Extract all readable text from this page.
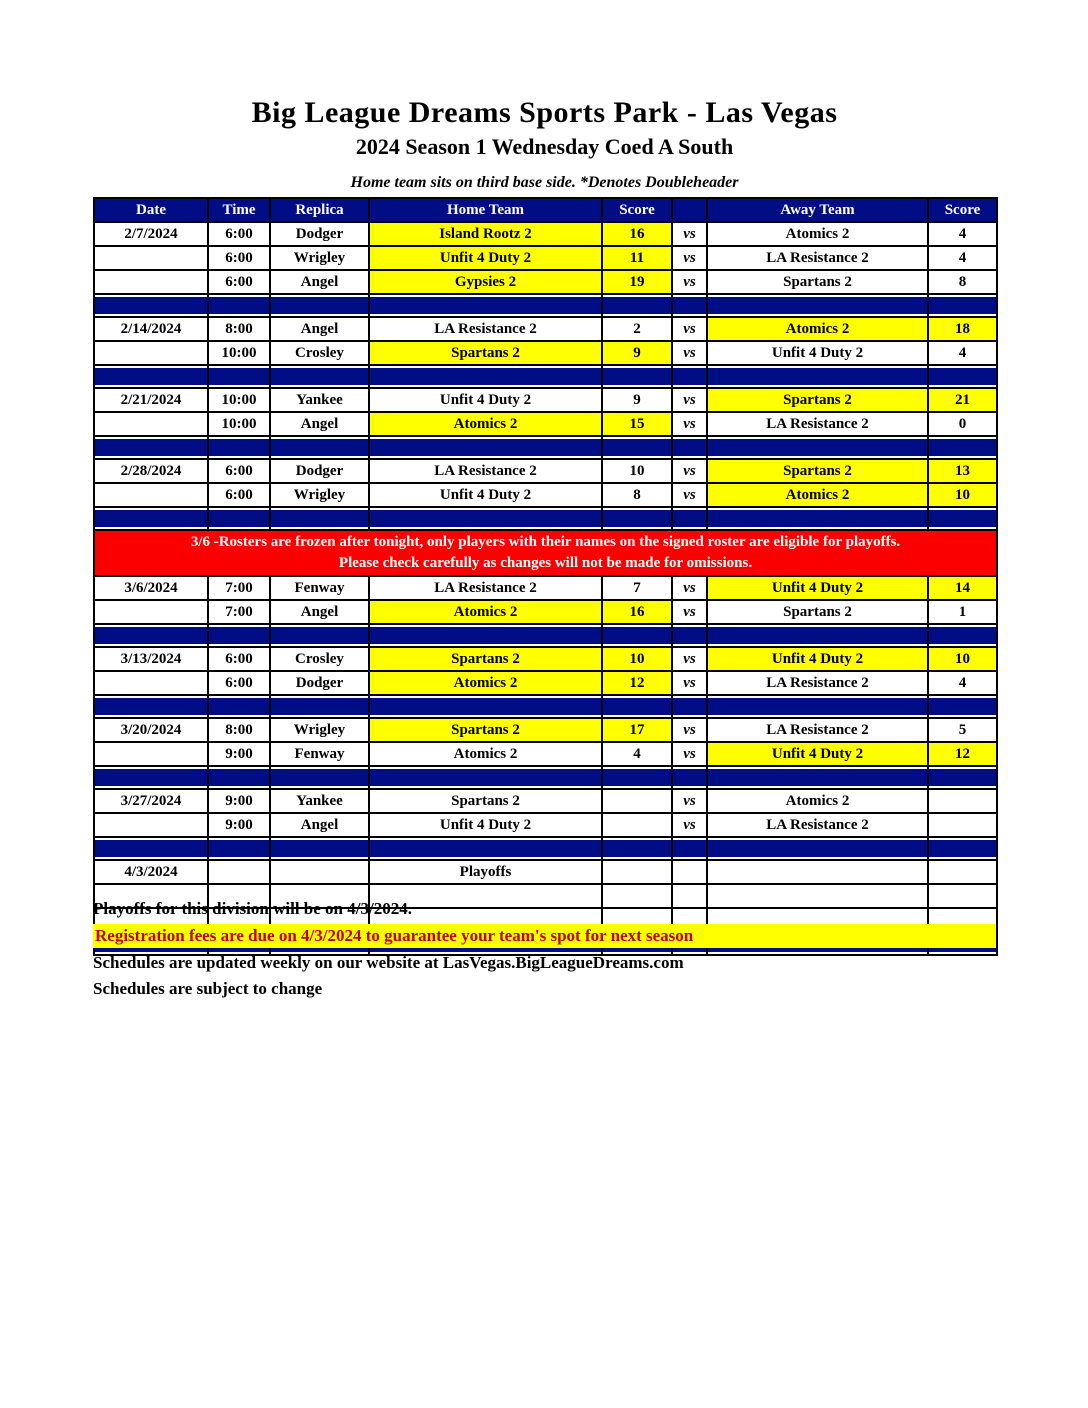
Big League Dreams Sports Park - Las Vegas
2024 Season 1 Wednesday Coed A South
Home team sits on third base side. *Denotes Doubleheader
Date	Time	Replica	Home Team	Score		Away Team	Score
2/7/2024	6:00	Dodger	Island Rootz 2	16	vs	Atomics 2	4
	6:00	Wrigley	Unfit 4 Duty 2	11	vs	LA Resistance 2	4
	6:00	Angel	Gypsies 2	19	vs	Spartans 2	8

2/14/2024	8:00	Angel	LA Resistance 2	2	vs	Atomics 2	18
	10:00	Crosley	Spartans 2	9	vs	Unfit 4 Duty 2	4

2/21/2024	10:00	Yankee	Unfit 4 Duty 2	9	vs	Spartans 2	21
	10:00	Angel	Atomics 2	15	vs	LA Resistance 2	0

2/28/2024	6:00	Dodger	LA Resistance 2	10	vs	Spartans 2	13
	6:00	Wrigley	Unfit 4 Duty 2	8	vs	Atomics 2	10

3/6 -Rosters are frozen after tonight, only players with their names on the signed roster are eligible for playoffs.
Please check carefully as changes will not be made for omissions.							

3/6/2024	7:00	Fenway	LA Resistance 2	7	vs	Unfit 4 Duty 2	14
	7:00	Angel	Atomics 2	16	vs	Spartans 2	1

3/13/2024	6:00	Crosley	Spartans 2	10	vs	Unfit 4 Duty 2	10
	6:00	Dodger	Atomics 2	12	vs	LA Resistance 2	4

3/20/2024	8:00	Wrigley	Spartans 2	17	vs	LA Resistance 2	5
	9:00	Fenway	Atomics 2	4	vs	Unfit 4 Duty 2	12

3/27/2024	9:00	Yankee	Spartans 2		vs	Atomics 2	
	9:00	Angel	Unfit 4 Duty 2		vs	LA Resistance 2	

4/3/2024			Playoffs				

Playoffs for this division will be on 4/3/2024.
Registration fees are due on 4/3/2024 to guarantee your team's spot for next season
Schedules are updated weekly on our website at LasVegas.BigLeagueDreams.com
Schedules are subject to change
